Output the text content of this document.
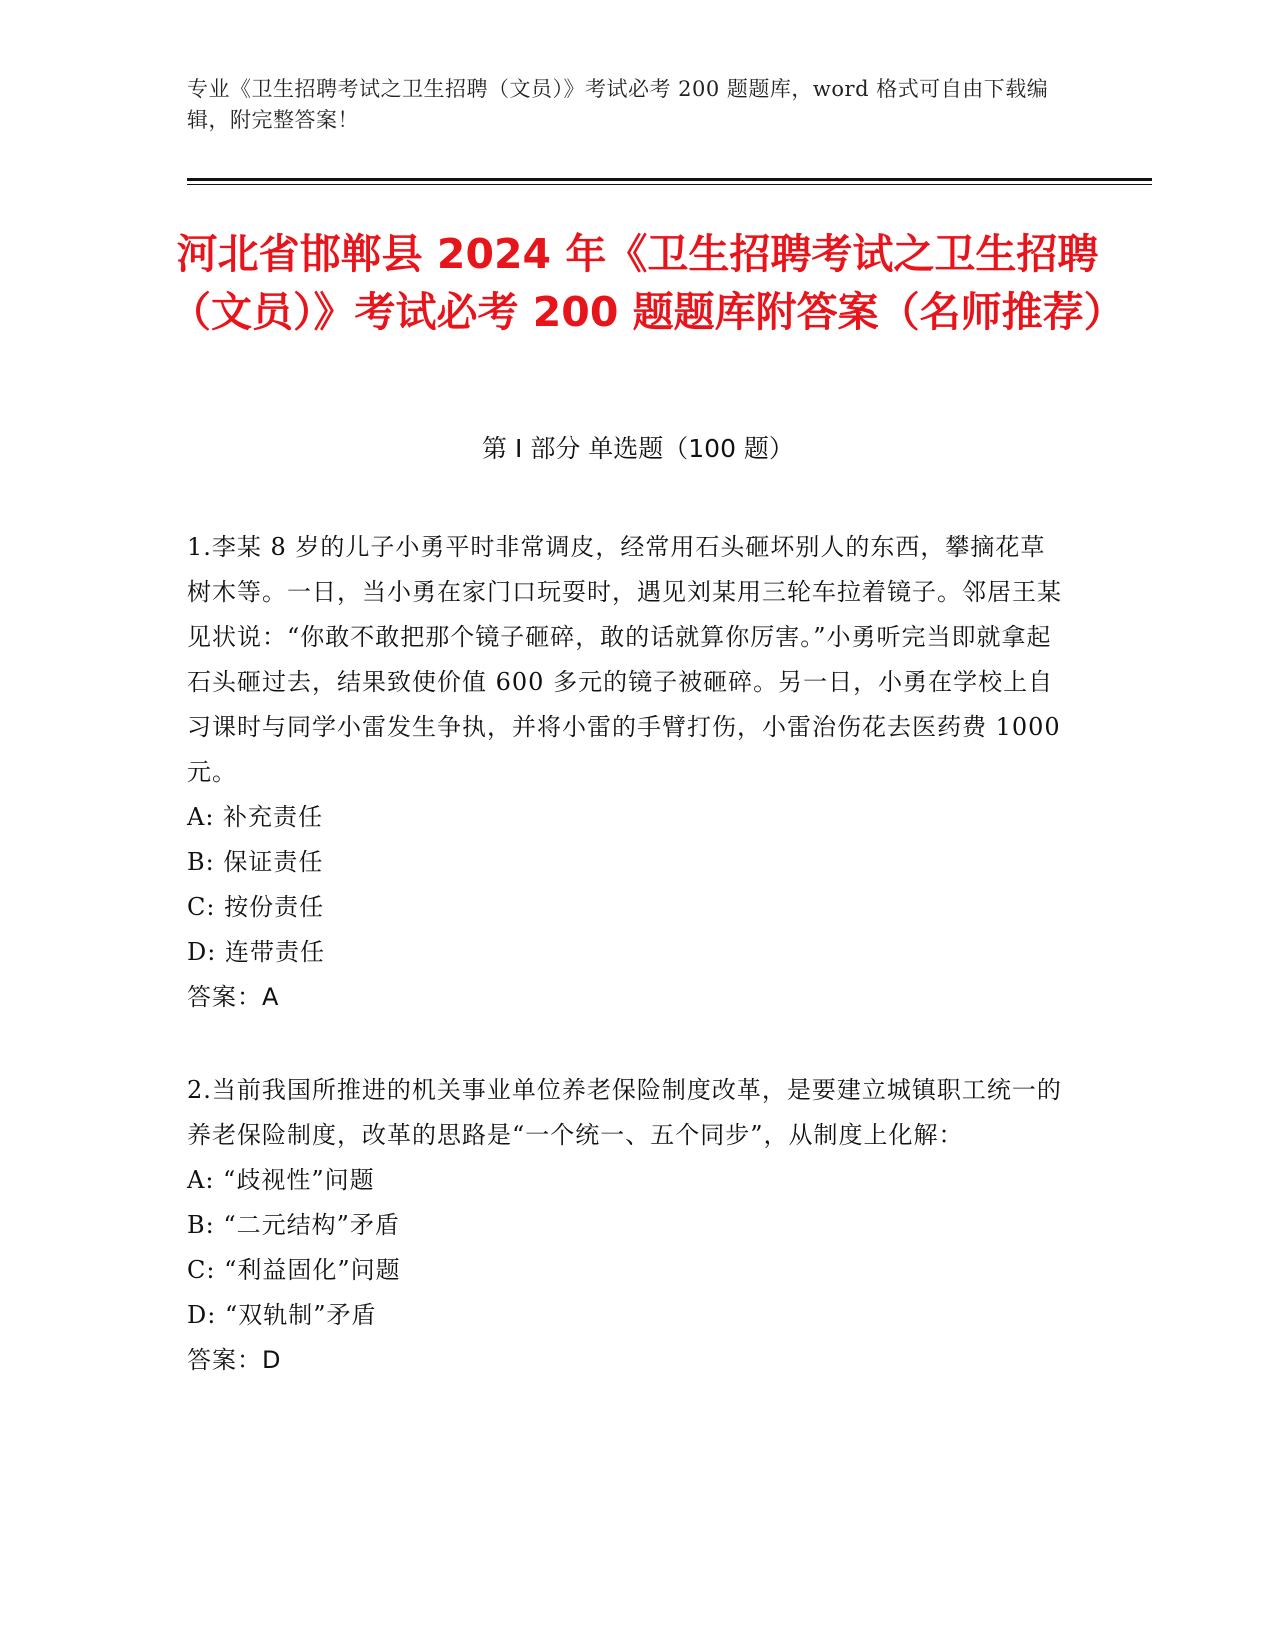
专业《卫生招聘考试之卫生招聘（文员）》考试必考 200 题题库，word 格式可自由下载编辑，附完整答案！
河北省邯郸县 2024 年《卫生招聘考试之卫生招聘（文员）》考试必考 200 题题库附答案（名师推荐）
第 I 部分 单选题（100 题）

1.李某 8 岁的儿子小勇平时非常调皮，经常用石头砸坏别人的东西，攀摘花草树木等。一日，当小勇在家门口玩耍时，遇见刘某用三轮车拉着镜子。邻居王某见状说：“你敢不敢把那个镜子砸碎，敢的话就算你厉害。”小勇听完当即就拿起石头砸过去，结果致使价值 600 多元的镜子被砸碎。另一日，小勇在学校上自习课时与同学小雷发生争执，并将小雷的手臂打伤，小雷治伤花去医药费 1000 元。

A: 补充责任
B: 保证责任
C: 按份责任
D: 连带责任
答案：A

2.当前我国所推进的机关事业单位养老保险制度改革，是要建立城镇职工统一的养老保险制度，改革的思路是“一个统一、五个同步”，从制度上化解：

A: “歧视性”问题
B: “二元结构”矛盾
C: “利益固化”问题
D: “双轨制”矛盾
答案：D
